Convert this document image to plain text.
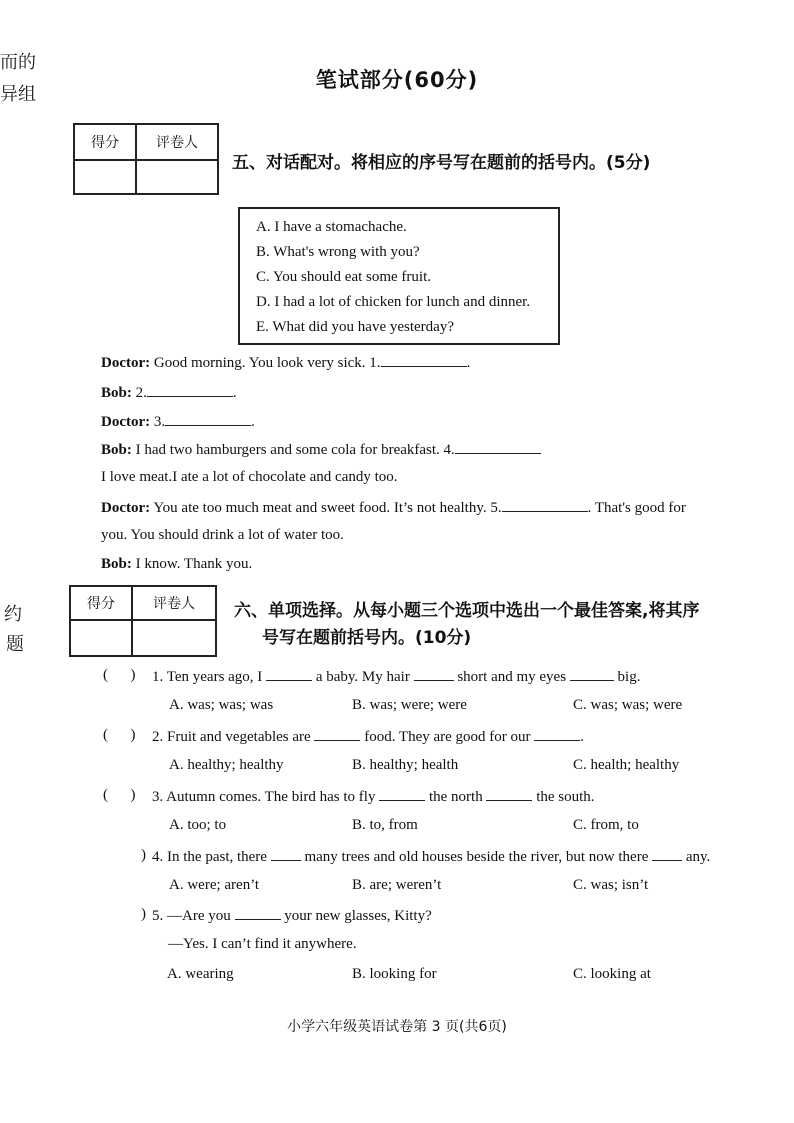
而的
异组
约
题
笔试部分(60分)
得分	评卷人

五、对话配对。将相应的序号写在题前的括号内。(5分)
A. I have a stomachache.
B. What's wrong with you?
C. You should eat some fruit.
D. I had a lot of chicken for lunch and dinner.
E. What did you have yesterday?
Doctor: Good morning. You look very sick. 1.	.
Bob: 2.	.
Doctor: 3.	.
Bob: I had two hamburgers and some cola for breakfast. 4.
I love meat.I ate a lot of chocolate and candy too.
Doctor: You ate too much meat and sweet food. It’s not healthy. 5.	. That's good for
you. You should drink a lot of water too.
Bob: I know. Thank you.
得分	评卷人
	六、单项选择。从每小题三个选项中选出一个最佳答案,将其序
号写在题前括号内。(10分)
(      ) 1. Ten years ago, I	a baby. My hair	short and my eyes	big.
A. was; was; was	B. was; were; were	C. was; was; were
(      ) 2. Fruit and vegetables are	food. They are good for our	.
A. healthy; healthy	B. healthy; health	C. health; healthy
(      ) 3. Autumn comes. The bird has to fly	the north	the south.
A. too; to	B. to, from	C. from, to
) 4. In the past, there  many trees and old houses beside the river, but now there  any.
A. were; aren’t	B. are; weren’t	C. was; isn’t
) 5. —Are you	your new glasses, Kitty?
—Yes. I can’t find it anywhere.
A. wearing	B. looking for	C. looking at
小学六年级英语试卷第 3 页(共6页)
